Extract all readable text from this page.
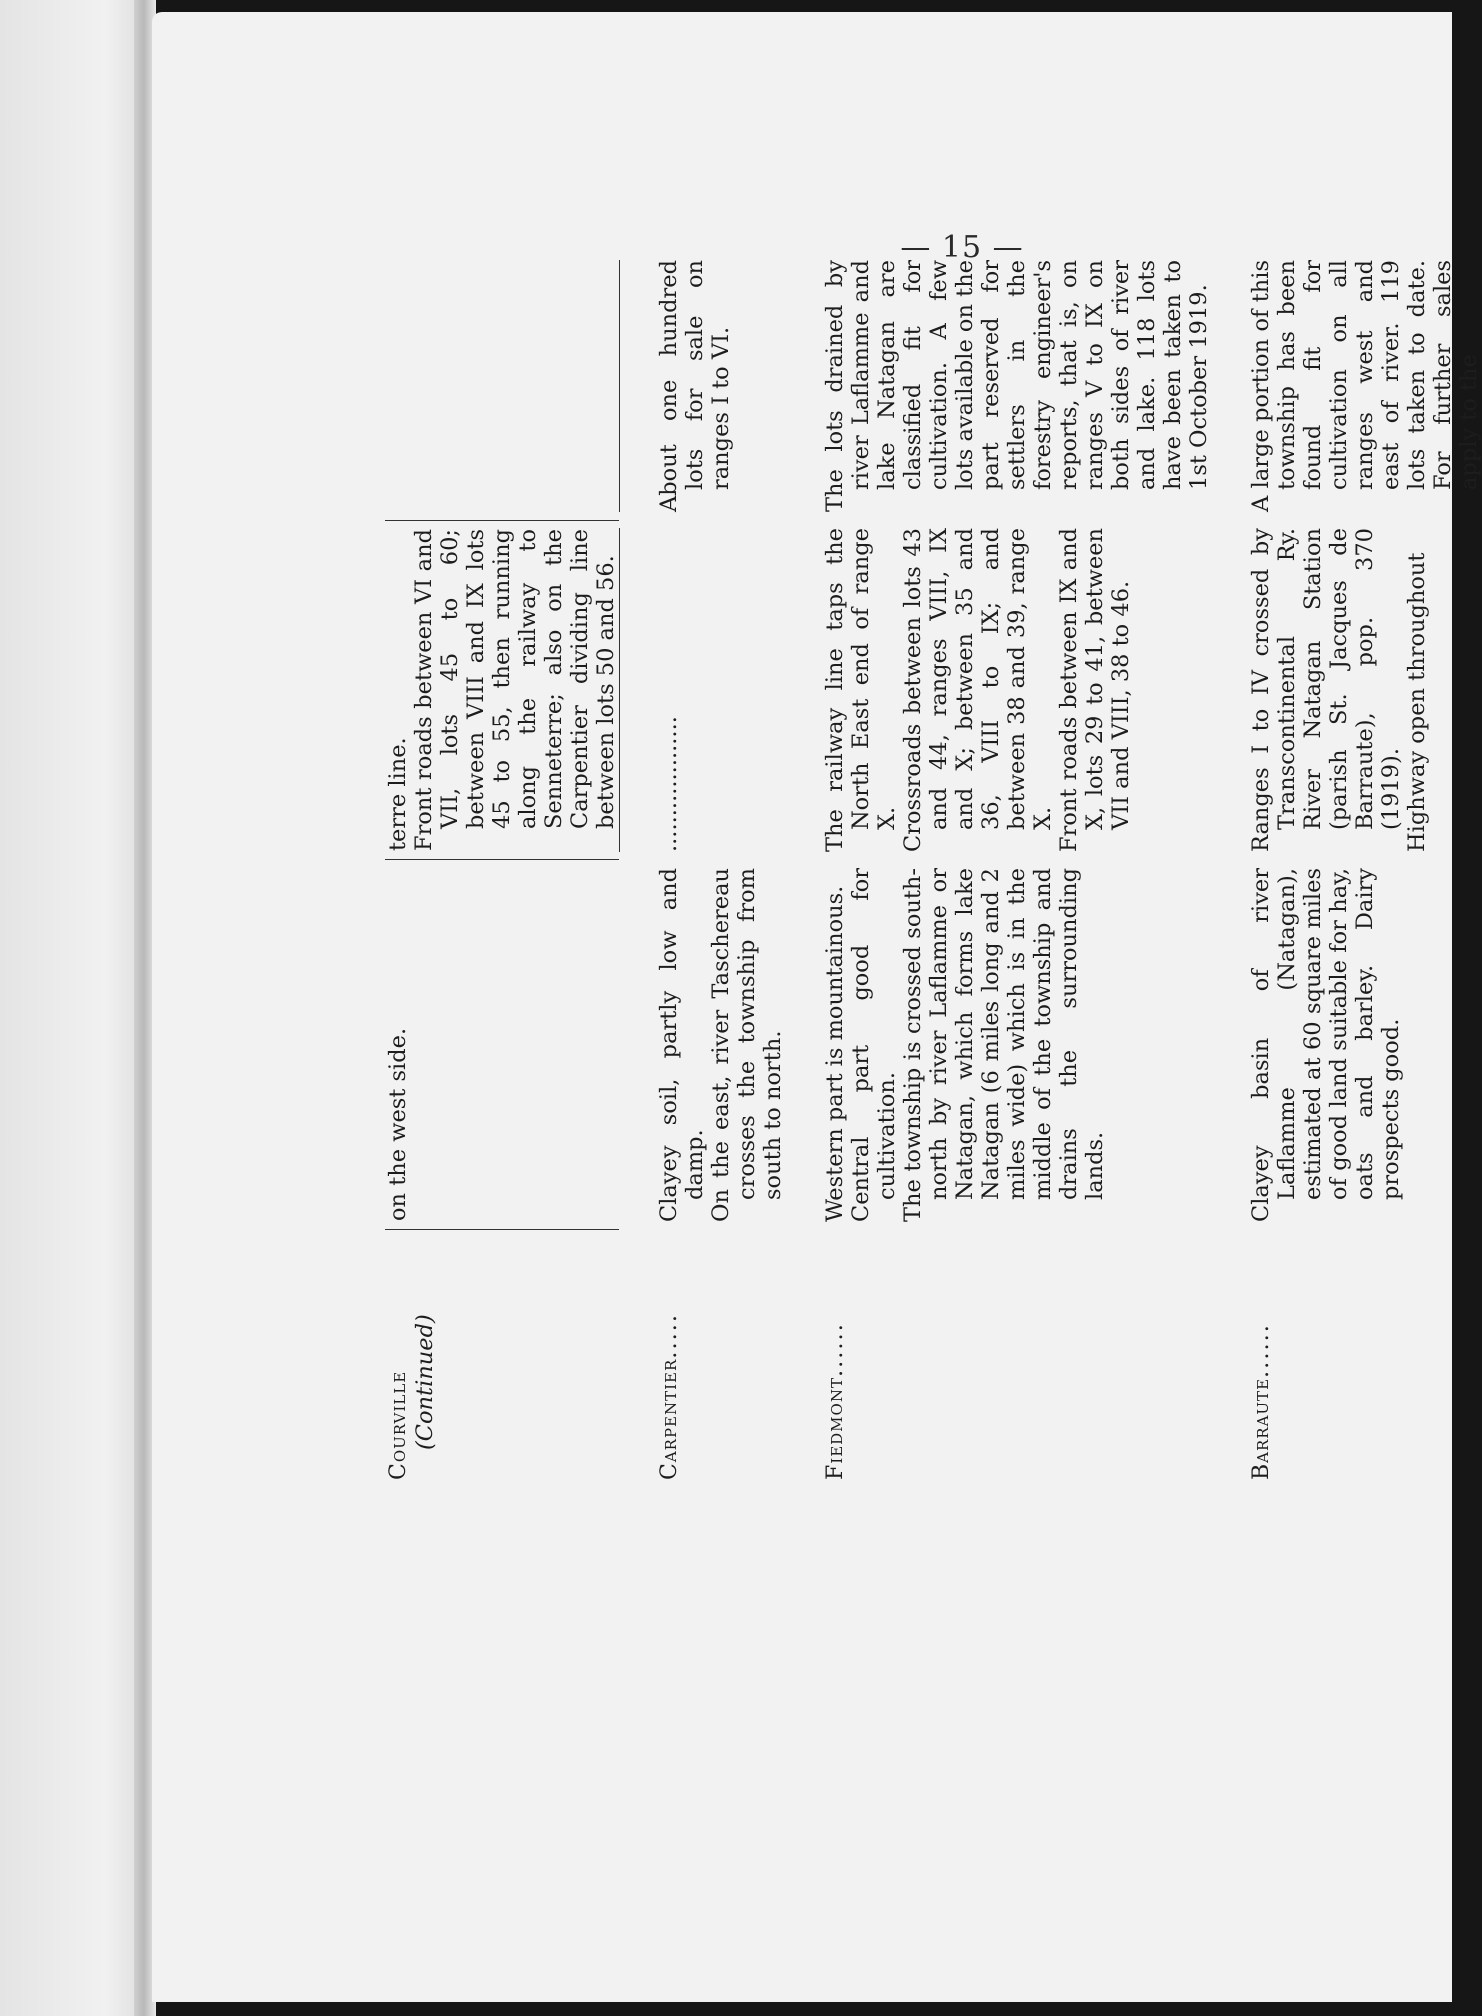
— 15 —
Courville (Continued)

on the west side.

terre line. Front roads between VI and VII, lots 45 to 60; between VIII and IX lots 45 to 55, then running along the railway to Senneterre; also on the Carpentier dividing line between lots 50 and 56.

Carpentier.....

Clayey soil, partly low and damp. On the east, river Taschereau crosses the township from south to north.

...................

About one hundred lots for sale on ranges I to VI.

Fiedmont......

Western part is mountainous. Central part good for cultivation. The township is crossed south-north by river Laflamme or Natagan, which forms lake Natagan (6 miles long and 2 miles wide) which is in the middle of the township and drains the surrounding lands.

The railway line taps the North East end of range X. Crossroads between lots 43 and 44, ranges VIII, IX and X; between 35 and 36, VIII to IX; and between 38 and 39, range X. Front roads between IX and X, lots 29 to 41, between VII and VIII, 38 to 46.

The lots drained by river Laflamme and lake Natagan are classified fit for cultivation. A few lots available on the part reserved for settlers in the forestry engineer's reports, that is, on ranges V to IX on both sides of river and lake. 118 lots have been taken to 1st October 1919.

Barraute......

Clayey basin of river Laflamme (Natagan), estimated at 60 square miles of good land suitable for hay, oats and barley. Dairy prospects good.

Ranges I to IV crossed by Transcontinental Ry. River Natagan Station (parish St. Jacques de Barraute), pop. 370 (1919). Highway open throughout

A large portion of this township has been found fit for cultivation on all ranges west and east of river. 119 lots taken to date. For further sales apply to the
